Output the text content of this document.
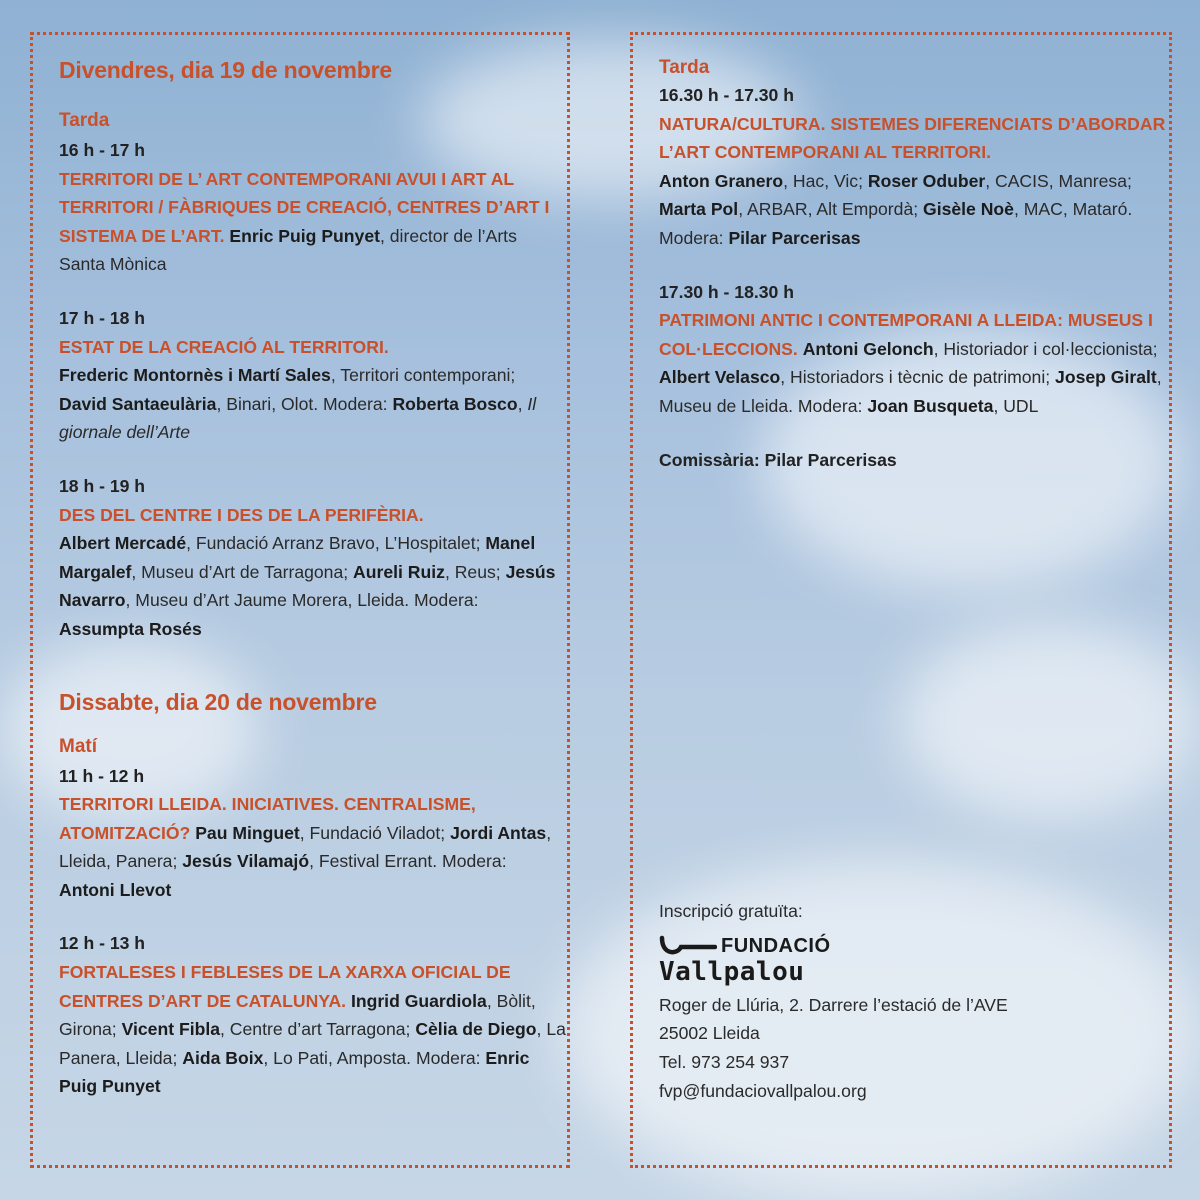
Divendres, dia 19 de novembre
Tarda
16 h - 17 h
TERRITORI DE L’ ART CONTEMPORANI AVUI I ART AL TERRITORI / FÀBRIQUES DE CREACIÓ, CENTRES D’ART I SISTEMA DE L’ART. Enric Puig Punyet, director de l’Arts Santa Mònica
17 h - 18 h
ESTAT DE LA CREACIÓ AL TERRITORI.
Frederic Montornès i Martí Sales, Territori contemporani; David Santaeulària, Binari, Olot. Modera: Roberta Bosco, Il giornale dell’Arte
18 h - 19 h
DES DEL CENTRE I DES DE LA PERIFÈRIA.
Albert Mercadé, Fundació Arranz Bravo, L’Hospitalet; Manel Margalef, Museu d’Art de Tarragona; Aureli Ruiz, Reus; Jesús Navarro, Museu d’Art Jaume Morera, Lleida. Modera: Assumpta Rosés
Dissabte, dia 20 de novembre
Matí
11 h - 12 h
TERRITORI LLEIDA. INICIATIVES. CENTRALISME, ATOMITZACIÓ? Pau Minguet, Fundació Viladot; Jordi Antas, Lleida, Panera; Jesús Vilamajó, Festival Errant. Modera: Antoni Llevot
12 h - 13 h
FORTALESES I FEBLESES DE LA XARXA OFICIAL DE CENTRES D’ART DE CATALUNYA. Ingrid Guardiola, Bòlit, Girona; Vicent Fibla, Centre d’art Tarragona; Cèlia de Diego, La Panera, Lleida; Aida Boix, Lo Pati, Amposta. Modera: Enric Puig Punyet
Tarda
16.30 h - 17.30 h
NATURA/CULTURA. SISTEMES DIFERENCIATS D’ABORDAR L’ART CONTEMPORANI AL TERRITORI.
Anton Granero, Hac, Vic; Roser Oduber, CACIS, Manresa; Marta Pol, ARBAR, Alt Empordà; Gisèle Noè, MAC, Mataró. Modera: Pilar Parcerisas
17.30 h - 18.30 h
PATRIMONI ANTIC I CONTEMPORANI A LLEIDA: MUSEUS I COL·LECCIONS. Antoni Gelonch, Historiador i col·leccionista; Albert Velasco, Historiadors i tècnic de patrimoni; Josep Giralt, Museu de Lleida. Modera: Joan Busqueta, UDL
Comissària: Pilar Parcerisas
Inscripció gratuïta:
FUNDACIÓ
Vallpalou
Roger de Llúria, 2. Darrere l’estació de l’AVE
25002 Lleida
Tel. 973 254 937
fvp@fundaciovallpalou.org
